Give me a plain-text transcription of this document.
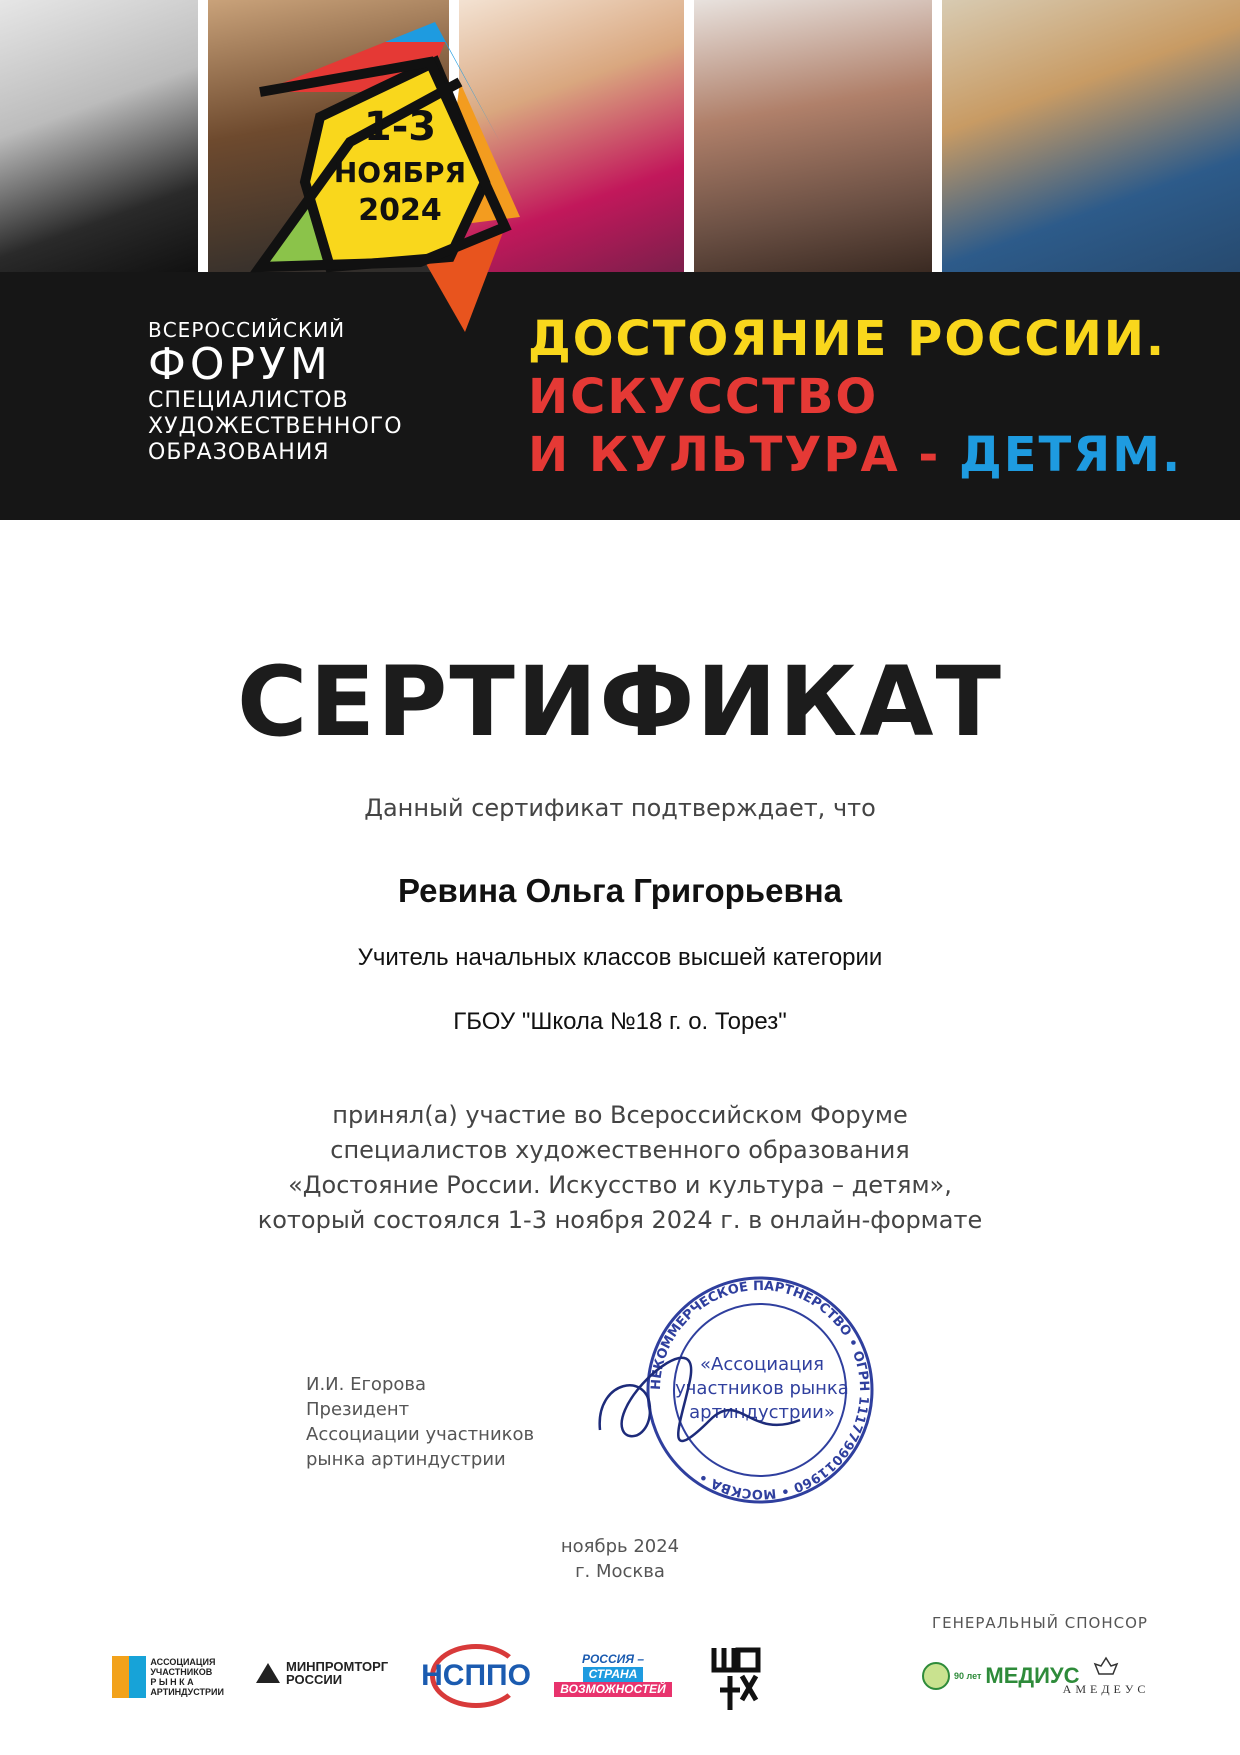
1-3
НОЯБРЯ
2024
ВСЕРОССИЙСКИЙ
ФОРУМ
СПЕЦИАЛИСТОВ
ХУДОЖЕСТВЕННОГО
ОБРАЗОВАНИЯ
ДОСТОЯНИЕ РОССИИ.
ИСКУССТВО
И КУЛЬТУРА - ДЕТЯМ.
СЕРТИФИКАТ
Данный сертификат подтверждает, что
Ревина Ольга Григорьевна
Учитель начальных классов высшей категории
ГБОУ "Школа №18 г. о. Торез"
принял(а) участие во Всероссийском Форуме
специалистов художественного образования
«Достояние России. Искусство и культура – детям»,
который состоялся 1-3 ноября 2024 г. в онлайн-формате
И.И. Егорова
Президент
Ассоциации участников
рынка артиндустрии
НЕКОММЕРЧЕСКОЕ ПАРТНЕРСТВО • ОГРН 1117799011960 • МОСКВА •
«Ассоциация
участников рынка
артиндустрии»
ноябрь 2024
г. Москва
ГЕНЕРАЛЬНЫЙ СПОНСОР
АССОЦИАЦИЯ
УЧАСТНИКОВ
Р Ы Н К А
АРТИНДУСТРИИ
МИНПРОМТОРГ
РОССИИ	НСППО	РОССИЯ –
СТРАНА
ВОЗМОЖНОСТЕЙ
90 лет МЕДИУС
АМЕДЕУС
